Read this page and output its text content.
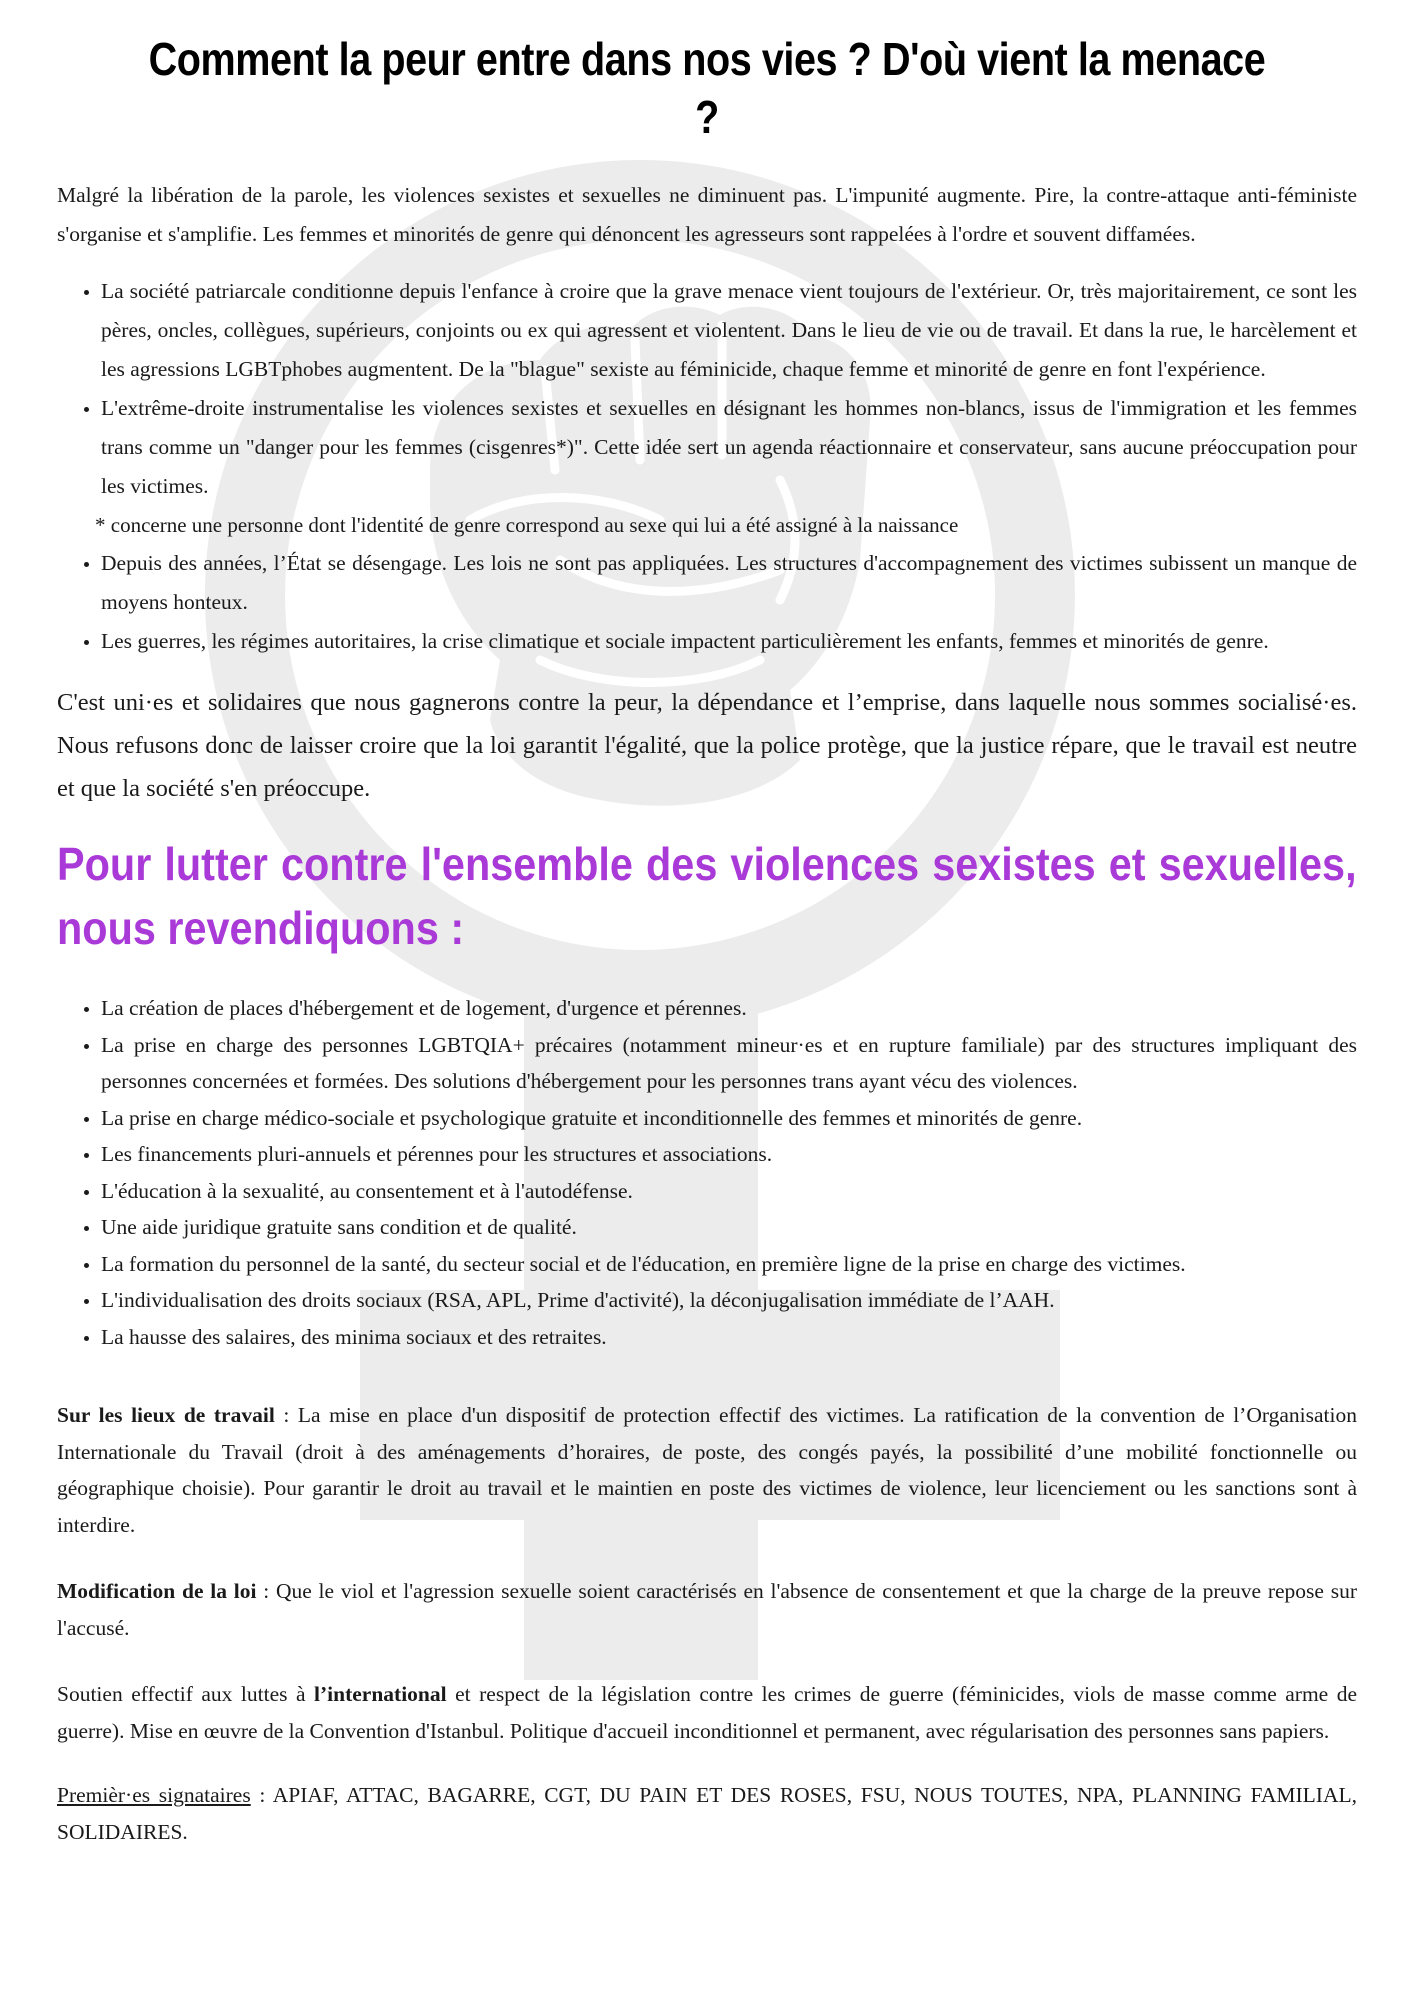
Comment la peur entre dans nos vies ? D'où vient la menace ?

Malgré la libération de la parole, les violences sexistes et sexuelles ne diminuent pas. L'impunité augmente. Pire, la contre-attaque anti-féministe s'organise et s'amplifie. Les femmes et minorités de genre qui dénoncent les agresseurs sont rappelées à l'ordre et souvent diffamées.

• La société patriarcale conditionne depuis l'enfance à croire que la grave menace vient toujours de l'extérieur. Or, très majoritairement, ce sont les pères, oncles, collègues, supérieurs, conjoints ou ex qui agressent et violentent. Dans le lieu de vie ou de travail. Et dans la rue, le harcèlement et les agressions LGBTphobes augmentent. De la "blague" sexiste au féminicide, chaque femme et minorité de genre en font l'expérience.
• L'extrême-droite instrumentalise les violences sexistes et sexuelles en désignant les hommes non-blancs, issus de l'immigration et les femmes trans comme un "danger pour les femmes (cisgenres*)". Cette idée sert un agenda réactionnaire et conservateur, sans aucune préoccupation pour les victimes.
* concerne une personne dont l'identité de genre correspond au sexe qui lui a été assigné à la naissance
• Depuis des années, l’État se désengage. Les lois ne sont pas appliquées. Les structures d'accompagnement des victimes subissent un manque de moyens honteux.
• Les guerres, les régimes autoritaires, la crise climatique et sociale impactent particulièrement les enfants, femmes et minorités de genre.

C'est uni·es et solidaires que nous gagnerons contre la peur, la dépendance et l’emprise, dans laquelle nous sommes socialisé·es. Nous refusons donc de laisser croire que la loi garantit l'égalité, que la police protège, que la justice répare, que le travail est neutre et que la société s'en préoccupe.

Pour lutter contre l'ensemble des violences sexistes et sexuelles, nous revendiquons :
• La création de places d'hébergement et de logement, d'urgence et pérennes.
• La prise en charge des personnes LGBTQIA+ précaires (notamment mineur·es et en rupture familiale) par des structures impliquant des personnes concernées et formées. Des solutions d'hébergement pour les personnes trans ayant vécu des violences.
• La prise en charge médico-sociale et psychologique gratuite et inconditionnelle des femmes et minorités de genre.
• Les financements pluri-annuels et pérennes pour les structures et associations.
• L'éducation à la sexualité, au consentement et à l'autodéfense.
• Une aide juridique gratuite sans condition et de qualité.
• La formation du personnel de la santé, du secteur social et de l'éducation, en première ligne de la prise en charge des victimes.
• L'individualisation des droits sociaux (RSA, APL, Prime d'activité), la déconjugalisation immédiate de l’AAH.
• La hausse des salaires, des minima sociaux et des retraites.

Sur les lieux de travail : La mise en place d'un dispositif de protection effectif des victimes. La ratification de la convention de l’Organisation Internationale du Travail (droit à des aménagements d’horaires, de poste, des congés payés, la possibilité d’une mobilité fonctionnelle ou géographique choisie). Pour garantir le droit au travail et le maintien en poste des victimes de violence, leur licenciement ou les sanctions sont à interdire.

Modification de la loi : Que le viol et l'agression sexuelle soient caractérisés en l'absence de consentement et que la charge de la preuve repose sur l'accusé.

Soutien effectif aux luttes à l’international et respect de la législation contre les crimes de guerre (féminicides, viols de masse comme arme de guerre). Mise en œuvre de la Convention d'Istanbul. Politique d'accueil inconditionnel et permanent, avec régularisation des personnes sans papiers.

Premièr·es signataires : APIAF, ATTAC, BAGARRE, CGT, DU PAIN ET DES ROSES, FSU, NOUS TOUTES, NPA, PLANNING FAMILIAL, SOLIDAIRES.
